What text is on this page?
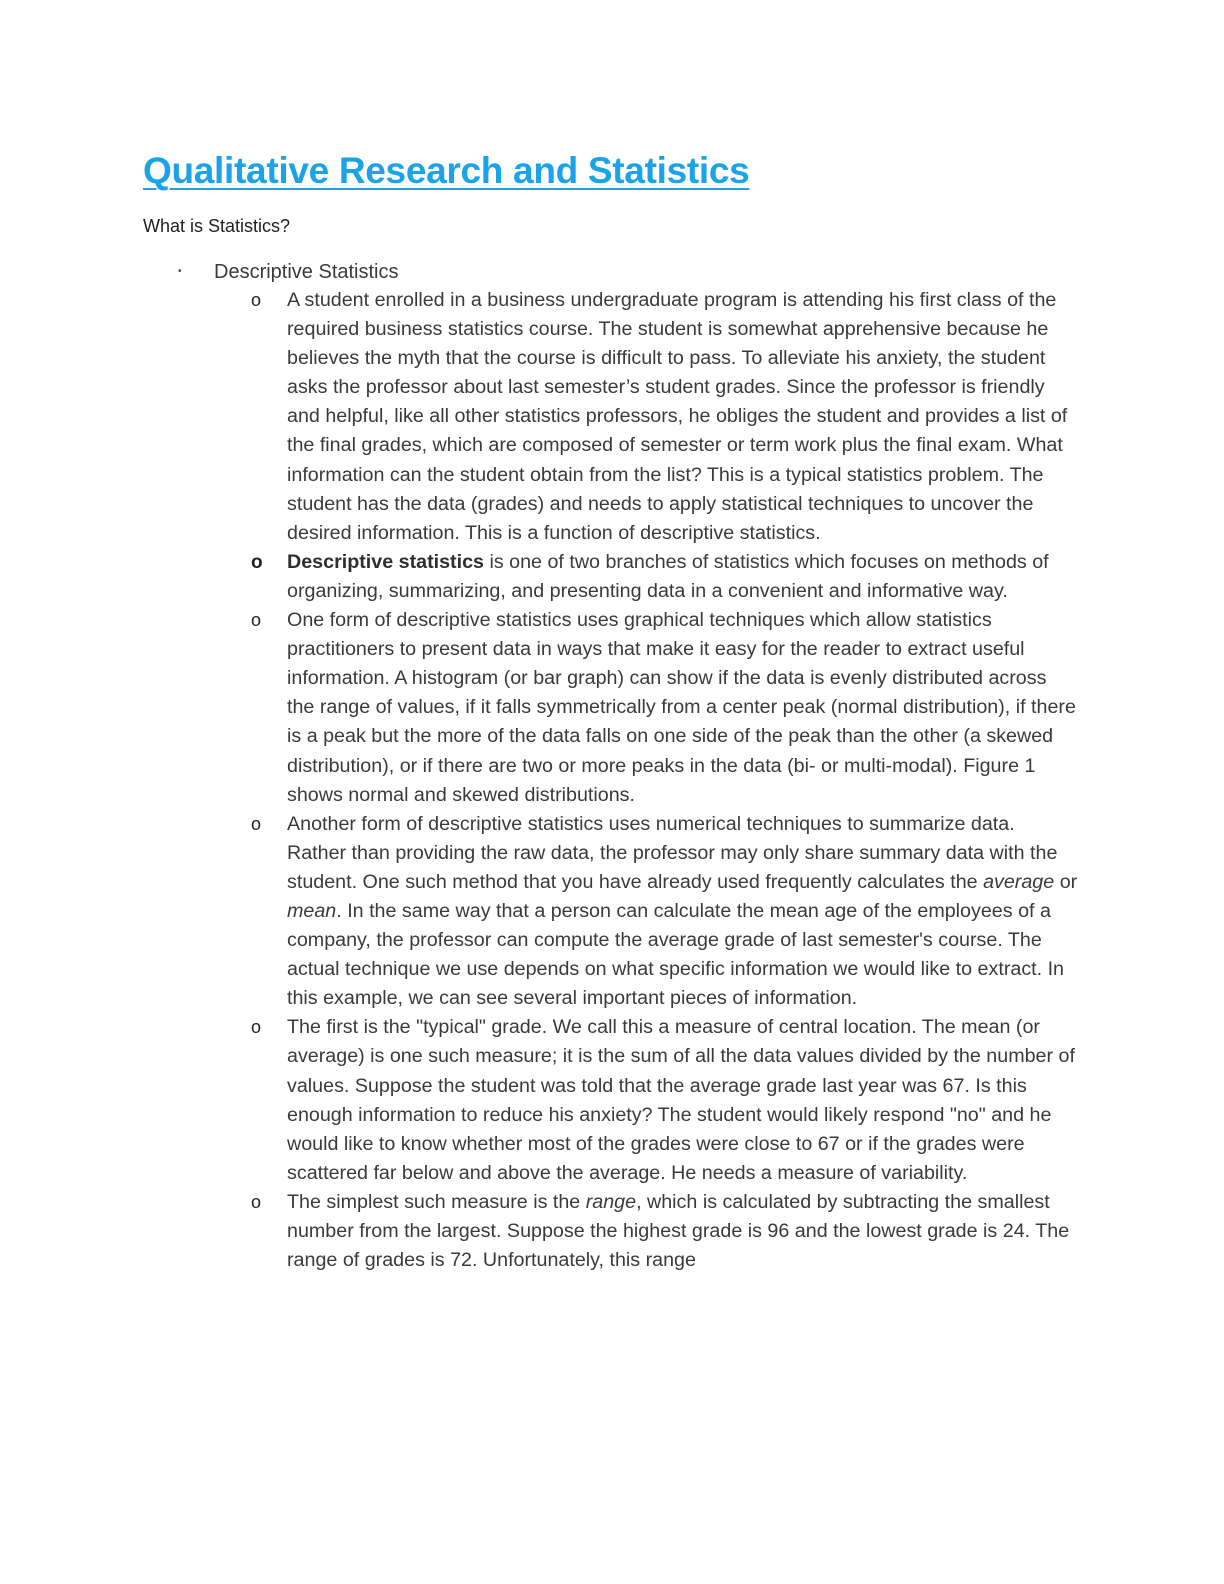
Qualitative Research and Statistics

What is Statistics?

•	Descriptive Statistics
o	A student enrolled in a business undergraduate program is attending his first class of the required business statistics course. The student is somewhat apprehensive because he believes the myth that the course is difficult to pass. To alleviate his anxiety, the student asks the professor about last semester’s student grades. Since the professor is friendly and helpful, like all other statistics professors, he obliges the student and provides a list of the final grades, which are composed of semester or term work plus the final exam. What information can the student obtain from the list? This is a typical statistics problem. The student has the data (grades) and needs to apply statistical techniques to uncover the desired information. This is a function of descriptive statistics.
o	Descriptive statistics is one of two branches of statistics which focuses on methods of organizing, summarizing, and presenting data in a convenient and informative way.
o	One form of descriptive statistics uses graphical techniques which allow statistics practitioners to present data in ways that make it easy for the reader to extract useful information. A histogram (or bar graph) can show if the data is evenly distributed across the range of values, if it falls symmetrically from a center peak (normal distribution), if there is a peak but the more of the data falls on one side of the peak than the other (a skewed distribution), or if there are two or more peaks in the data (bi- or multi-modal). Figure 1 shows normal and skewed distributions.
o	Another form of descriptive statistics uses numerical techniques to summarize data. Rather than providing the raw data, the professor may only share summary data with the student. One such method that you have already used frequently calculates the average or mean. In the same way that a person can calculate the mean age of the employees of a company, the professor can compute the average grade of last semester's course. The actual technique we use depends on what specific information we would like to extract. In this example, we can see several important pieces of information.
o	The first is the "typical" grade. We call this a measure of central location. The mean (or average) is one such measure; it is the sum of all the data values divided by the number of values. Suppose the student was told that the average grade last year was 67. Is this enough information to reduce his anxiety? The student would likely respond "no" and he would like to know whether most of the grades were close to 67 or if the grades were scattered far below and above the average. He needs a measure of variability.
o	The simplest such measure is the range, which is calculated by subtracting the smallest number from the largest. Suppose the highest grade is 96 and the lowest grade is 24. The range of grades is 72. Unfortunately, this range
